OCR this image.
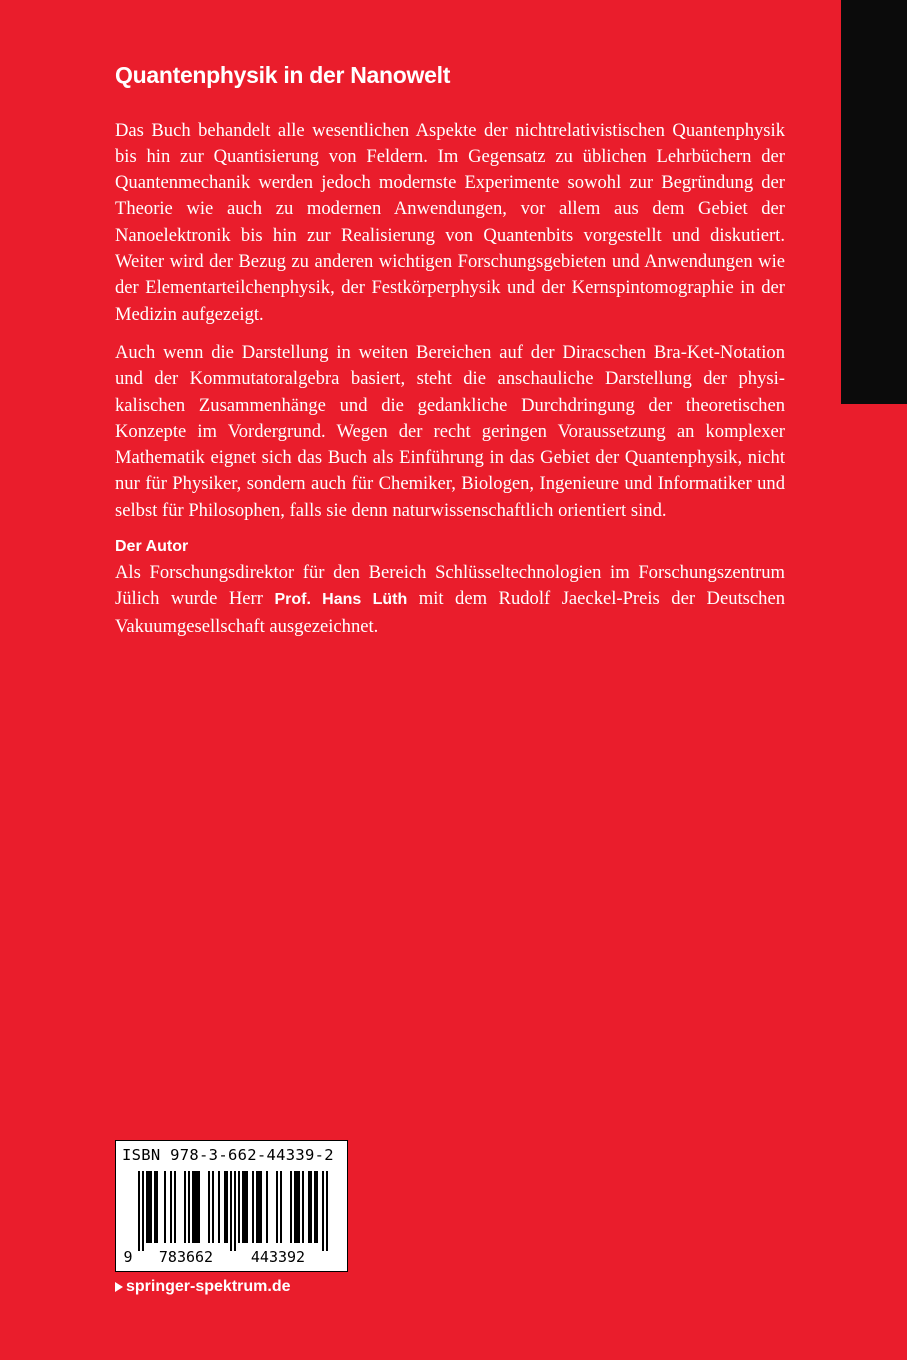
Quantenphysik in der Nanowelt

Das Buch behandelt alle wesentlichen Aspekte der nichtrelativistischen Quantenphysik bis hin zur Quantisierung von Feldern. Im Gegensatz zu üblichen Lehrbüchern der Quantenmechanik werden jedoch modernste Experimente sowohl zur Begründung der Theorie wie auch zu modernen Anwendungen, vor allem aus dem Gebiet der Nanoelektronik bis hin zur Realisierung von Quantenbits vorgestellt und diskutiert. Weiter wird der Bezug zu anderen wichtigen Forschungsgebieten und Anwendungen wie der Elementarteilchenphysik, der Festkörperphysik und der Kernspintomographie in der Medizin aufgezeigt.

Auch wenn die Darstellung in weiten Bereichen auf der Diracschen Bra-Ket-Notation und der Kommutatoralgebra basiert, steht die anschauliche Darstellung der physikalischen Zusammenhänge und die gedankliche Durchdringung der theoretischen Konzepte im Vordergrund. Wegen der recht geringen Voraussetzung an komplexer Mathematik eignet sich das Buch als Einführung in das Gebiet der Quantenphysik, nicht nur für Physiker, sondern auch für Chemiker, Biologen, Ingenieure und Informatiker und selbst für Philosophen, falls sie denn naturwissenschaftlich orientiert sind.

Der Autor

Als Forschungsdirektor für den Bereich Schlüsseltechnologien im Forschungszentrum Jülich wurde Herr Prof. Hans Lüth mit dem Rudolf Jaeckel-Preis der Deutschen Vakuumgesellschaft ausgezeichnet.

ISBN 978-3-662-44339-2
9 783662	443392
springer-spektrum.de
